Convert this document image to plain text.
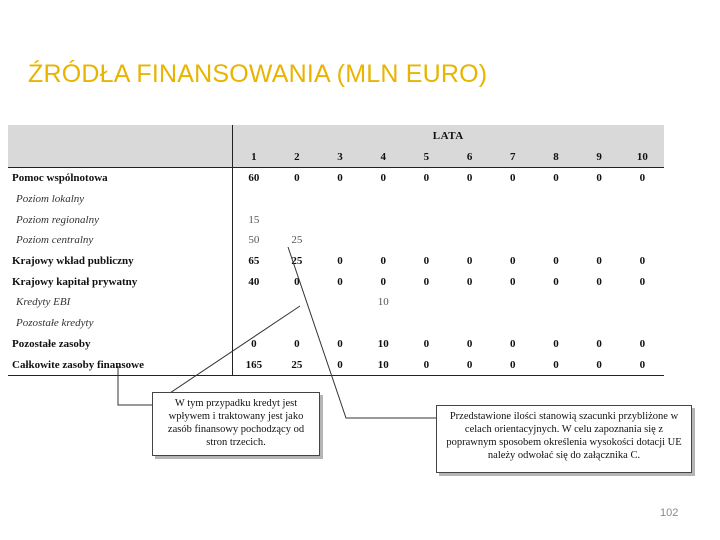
ŹRÓDŁA FINANSOWANIA (MLN EURO)
	LATA									
	1	2	3	4	5	6	7	8	9	10
Pomoc wspólnotowa	60	0	0	0	0	0	0	0	0	0
Poziom lokalny										
Poziom regionalny	15									
Poziom centralny	50	25								
Krajowy wkład publiczny	65	25	0	0	0	0	0	0	0	0
Krajowy kapitał prywatny	40	0	0	0	0	0	0	0	0	0
Kredyty EBI				10						
Pozostałe kredyty										
Pozostałe zasoby	0	0	0	10	0	0	0	0	0	0
Całkowite zasoby finansowe	165	25	0	10	0	0	0	0	0	0
W tym przypadku kredyt jest wpływem i traktowany jest jako zasób finansowy pochodzący od stron trzecich.
Przedstawione ilości stanowią szacunki przybliżone w celach orientacyjnych. W celu zapoznania się z poprawnym sposobem określenia wysokości dotacji UE należy odwołać się do załącznika C.
102
